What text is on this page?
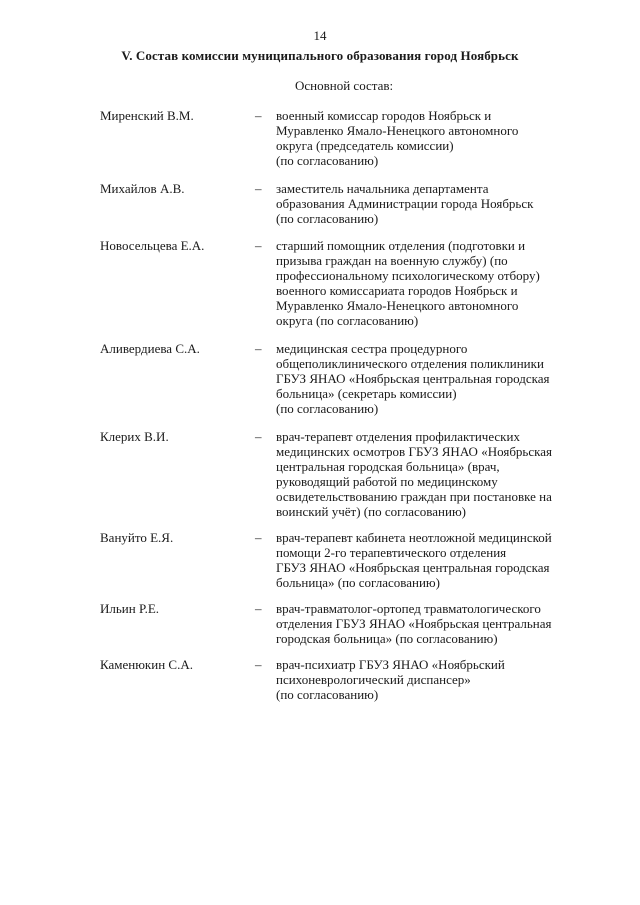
14
V. Состав комиссии муниципального образования город Ноябрьск
Основной состав:
Миренский В.М.	– военный комиссар городов Ноябрьск и
Муравленко Ямало-Ненецкого автономного
округа (председатель комиссии)
(по согласованию)
Михайлов А.В.	– заместитель начальника департамента
образования Администрации города Ноябрьск
(по согласованию)
Новосельцева Е.А.	– старший помощник отделения (подготовки и
призыва граждан на военную службу) (по
профессиональному психологическому отбору)
военного комиссариата городов Ноябрьск и
Муравленко Ямало-Ненецкого автономного
округа (по согласованию)
Аливердиева С.А.	– медицинская сестра процедурного
общеполиклинического отделения поликлиники
ГБУЗ ЯНАО «Ноябрьская центральная городская
больница» (секретарь комиссии)
(по согласованию)
Клерих В.И.	– врач-терапевт отделения профилактических
медицинских осмотров ГБУЗ ЯНАО «Ноябрьская
центральная городская больница» (врач,
руководящий работой по медицинскому
освидетельствованию граждан при постановке на
воинский учёт) (по согласованию)
Вануйто Е.Я.	– врач-терапевт кабинета неотложной медицинской
помощи 2-го терапевтического отделения
ГБУЗ ЯНАО «Ноябрьская центральная городская
больница» (по согласованию)
Ильин Р.Е.	– врач-травматолог-ортопед травматологического
отделения ГБУЗ ЯНАО «Ноябрьская центральная
городская больница» (по согласованию)
Каменюкин С.А.	– врач-психиатр ГБУЗ ЯНАО «Ноябрьский
психоневрологический диспансер»
(по согласованию)
